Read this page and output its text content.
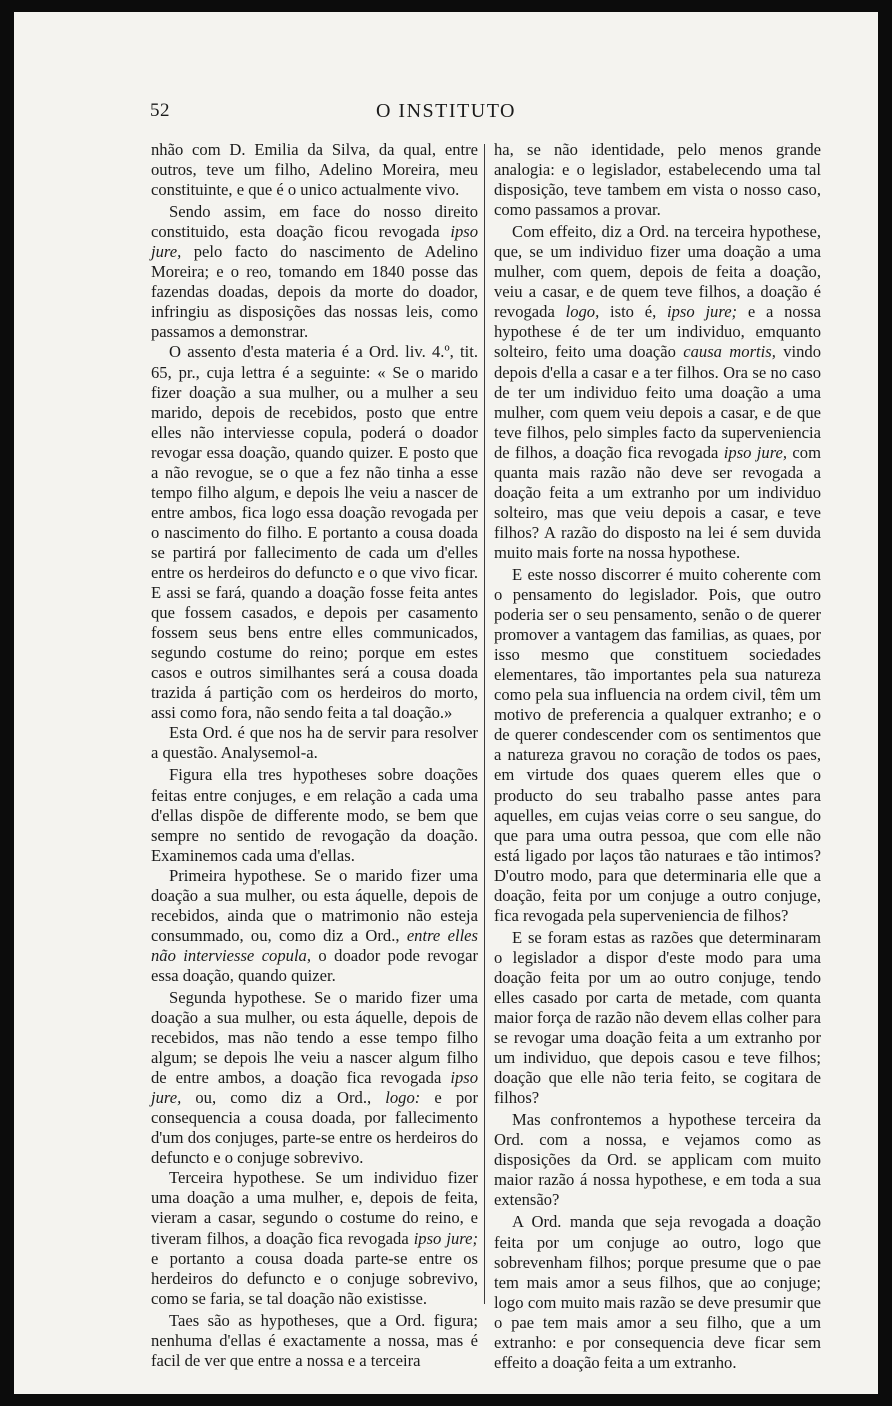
52	O INSTITUTO

nhão com D. Emilia da Silva, da qual, entre outros, teve um filho, Adelino Moreira, meu constituinte, e que é o unico actualmente vivo.

Sendo assim, em face do nosso direito constituido, esta doação ficou revogada ipso jure, pelo facto do nascimento de Adelino Moreira; e o reo, tomando em 1840 posse das fazendas doadas, depois da morte do doador, infringiu as disposições das nossas leis, como passamos a demonstrar.

O assento d'esta materia é a Ord. liv. 4.º, tit. 65, pr., cuja lettra é a seguinte: « Se o marido fizer doação a sua mulher, ou a mulher a seu marido, depois de recebidos, posto que entre elles não interviesse copula, poderá o doador revogar essa doação, quando quizer. E posto que a não revogue, se o que a fez não tinha a esse tempo filho algum, e depois lhe veiu a nascer de entre ambos, fica logo essa doação revogada per o nascimento do filho. E portanto a cousa doada se partirá por fallecimento de cada um d'elles entre os herdeiros do defuncto e o que vivo ficar. E assi se fará, quando a doação fosse feita antes que fossem casados, e depois per casamento fossem seus bens entre elles communicados, segundo costume do reino; porque em estes casos e outros similhantes será a cousa doada trazida á partição com os herdeiros do morto, assi como fora, não sendo feita a tal doação.»

Esta Ord. é que nos ha de servir para resolver a questão. Analysemol-a.

Figura ella tres hypotheses sobre doações feitas entre conjuges, e em relação a cada uma d'ellas dispõe de differente modo, se bem que sempre no sentido de revogação da doação. Examinemos cada uma d'ellas.

Primeira hypothese. Se o marido fizer uma doação a sua mulher, ou esta áquelle, depois de recebidos, ainda que o matrimonio não esteja consummado, ou, como diz a Ord., entre elles não interviesse copula, o doador pode revogar essa doação, quando quizer.

Segunda hypothese. Se o marido fizer uma doação a sua mulher, ou esta áquelle, depois de recebidos, mas não tendo a esse tempo filho algum; se depois lhe veiu a nascer algum filho de entre ambos, a doação fica revogada ipso jure, ou, como diz a Ord., logo: e por consequencia a cousa doada, por fallecimento d'um dos conjuges, parte-se entre os herdeiros do defuncto e o conjuge sobrevivo.

Terceira hypothese. Se um individuo fizer uma doação a uma mulher, e, depois de feita, vieram a casar, segundo o costume do reino, e tiveram filhos, a doação fica revogada ipso jure; e portanto a cousa doada parte-se entre os herdeiros do defuncto e o conjuge sobrevivo, como se faria, se tal doação não existisse.

Taes são as hypotheses, que a Ord. figura; nenhuma d'ellas é exactamente a nossa, mas é facil de ver que entre a nossa e a terceira

ha, se não identidade, pelo menos grande analogia: e o legislador, estabelecendo uma tal disposição, teve tambem em vista o nosso caso, como passamos a provar.

Com effeito, diz a Ord. na terceira hypothese, que, se um individuo fizer uma doação a uma mulher, com quem, depois de feita a doação, veiu a casar, e de quem teve filhos, a doação é revogada logo, isto é, ipso jure; e a nossa hypothese é de ter um individuo, emquanto solteiro, feito uma doação causa mortis, vindo depois d'ella a casar e a ter filhos. Ora se no caso de ter um individuo feito uma doação a uma mulher, com quem veiu depois a casar, e de que teve filhos, pelo simples facto da superveniencia de filhos, a doação fica revogada ipso jure, com quanta mais razão não deve ser revogada a doação feita a um extranho por um individuo solteiro, mas que veiu depois a casar, e teve filhos? A razão do disposto na lei é sem duvida muito mais forte na nossa hypothese.

E este nosso discorrer é muito coherente com o pensamento do legislador. Pois, que outro poderia ser o seu pensamento, senão o de querer promover a vantagem das familias, as quaes, por isso mesmo que constituem sociedades elementares, tão importantes pela sua natureza como pela sua influencia na ordem civil, têm um motivo de preferencia a qualquer extranho; e o de querer condescender com os sentimentos que a natureza gravou no coração de todos os paes, em virtude dos quaes querem elles que o producto do seu trabalho passe antes para aquelles, em cujas veias corre o seu sangue, do que para uma outra pessoa, que com elle não está ligado por laços tão naturaes e tão intimos? D'outro modo, para que determinaria elle que a doação, feita por um conjuge a outro conjuge, fica revogada pela superveniencia de filhos?

E se foram estas as razões que determinaram o legislador a dispor d'este modo para uma doação feita por um ao outro conjuge, tendo elles casado por carta de metade, com quanta maior força de razão não devem ellas colher para se revogar uma doação feita a um extranho por um individuo, que depois casou e teve filhos; doação que elle não teria feito, se cogitara de filhos?

Mas confrontemos a hypothese terceira da Ord. com a nossa, e vejamos como as disposições da Ord. se applicam com muito maior razão á nossa hypothese, e em toda a sua extensão?

A Ord. manda que seja revogada a doação feita por um conjuge ao outro, logo que sobrevenham filhos; porque presume que o pae tem mais amor a seus filhos, que ao conjuge; logo com muito mais razão se deve presumir que o pae tem mais amor a seu filho, que a um extranho: e por consequencia deve ficar sem effeito a doação feita a um extranho.
